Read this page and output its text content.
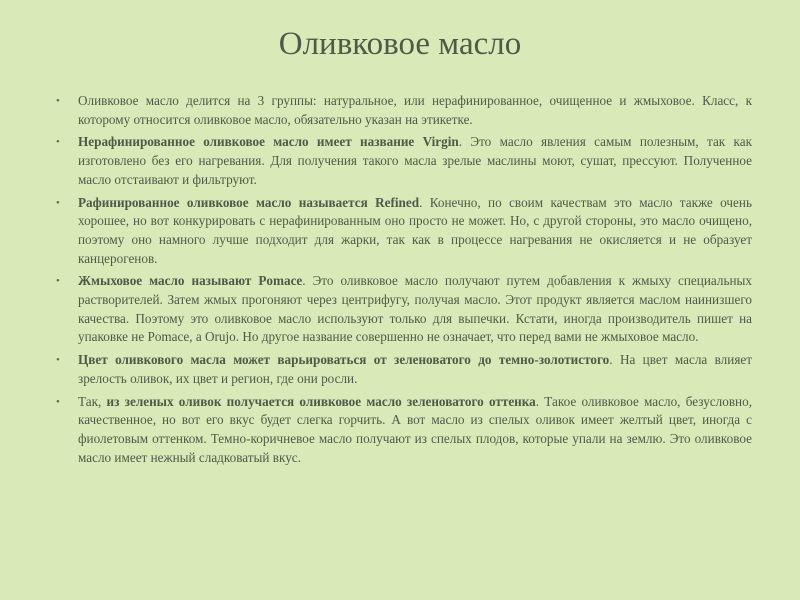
Оливковое масло
• Оливковое масло делится на 3 группы: натуральное, или нерафинированное, очищенное и жмыховое. Класс, к которому относится оливковое масло, обязательно указан на этикетке.
• Нерафинированное оливковое масло имеет название Virgin. Это масло явления самым полезным, так как изготовлено без его нагревания. Для получения такого масла зрелые маслины моют, сушат, прессуют. Полученное масло отстаивают и фильтруют.
• Рафинированное оливковое масло называется Refined. Конечно, по своим качествам это масло также очень хорошее, но вот конкурировать с нерафинированным оно просто не может. Но, с другой стороны, это масло очищено, поэтому оно намного лучше подходит для жарки, так как в процессе нагревания не окисляется и не образует канцерогенов.
• Жмыховое масло называют Pomace. Это оливковое масло получают путем добавления к жмыху специальных растворителей. Затем жмых прогоняют через центрифугу, получая масло. Этот продукт является маслом наинизшего качества. Поэтому это оливковое масло используют только для выпечки. Кстати, иногда производитель пишет на упаковке не Pomace, а Orujo. Но другое название совершенно не означает, что перед вами не жмыховое масло.
• Цвет оливкового масла может варьироваться от зеленоватого до темно-золотистого. На цвет масла влияет зрелость оливок, их цвет и регион, где они росли.
• Так, из зеленых оливок получается оливковое масло зеленоватого оттенка. Такое оливковое масло, безусловно, качественное, но вот его вкус будет слегка горчить. А вот масло из спелых оливок имеет желтый цвет, иногда с фиолетовым оттенком. Темно-коричневое масло получают из спелых плодов, которые упали на землю. Это оливковое масло имеет нежный сладковатый вкус.
